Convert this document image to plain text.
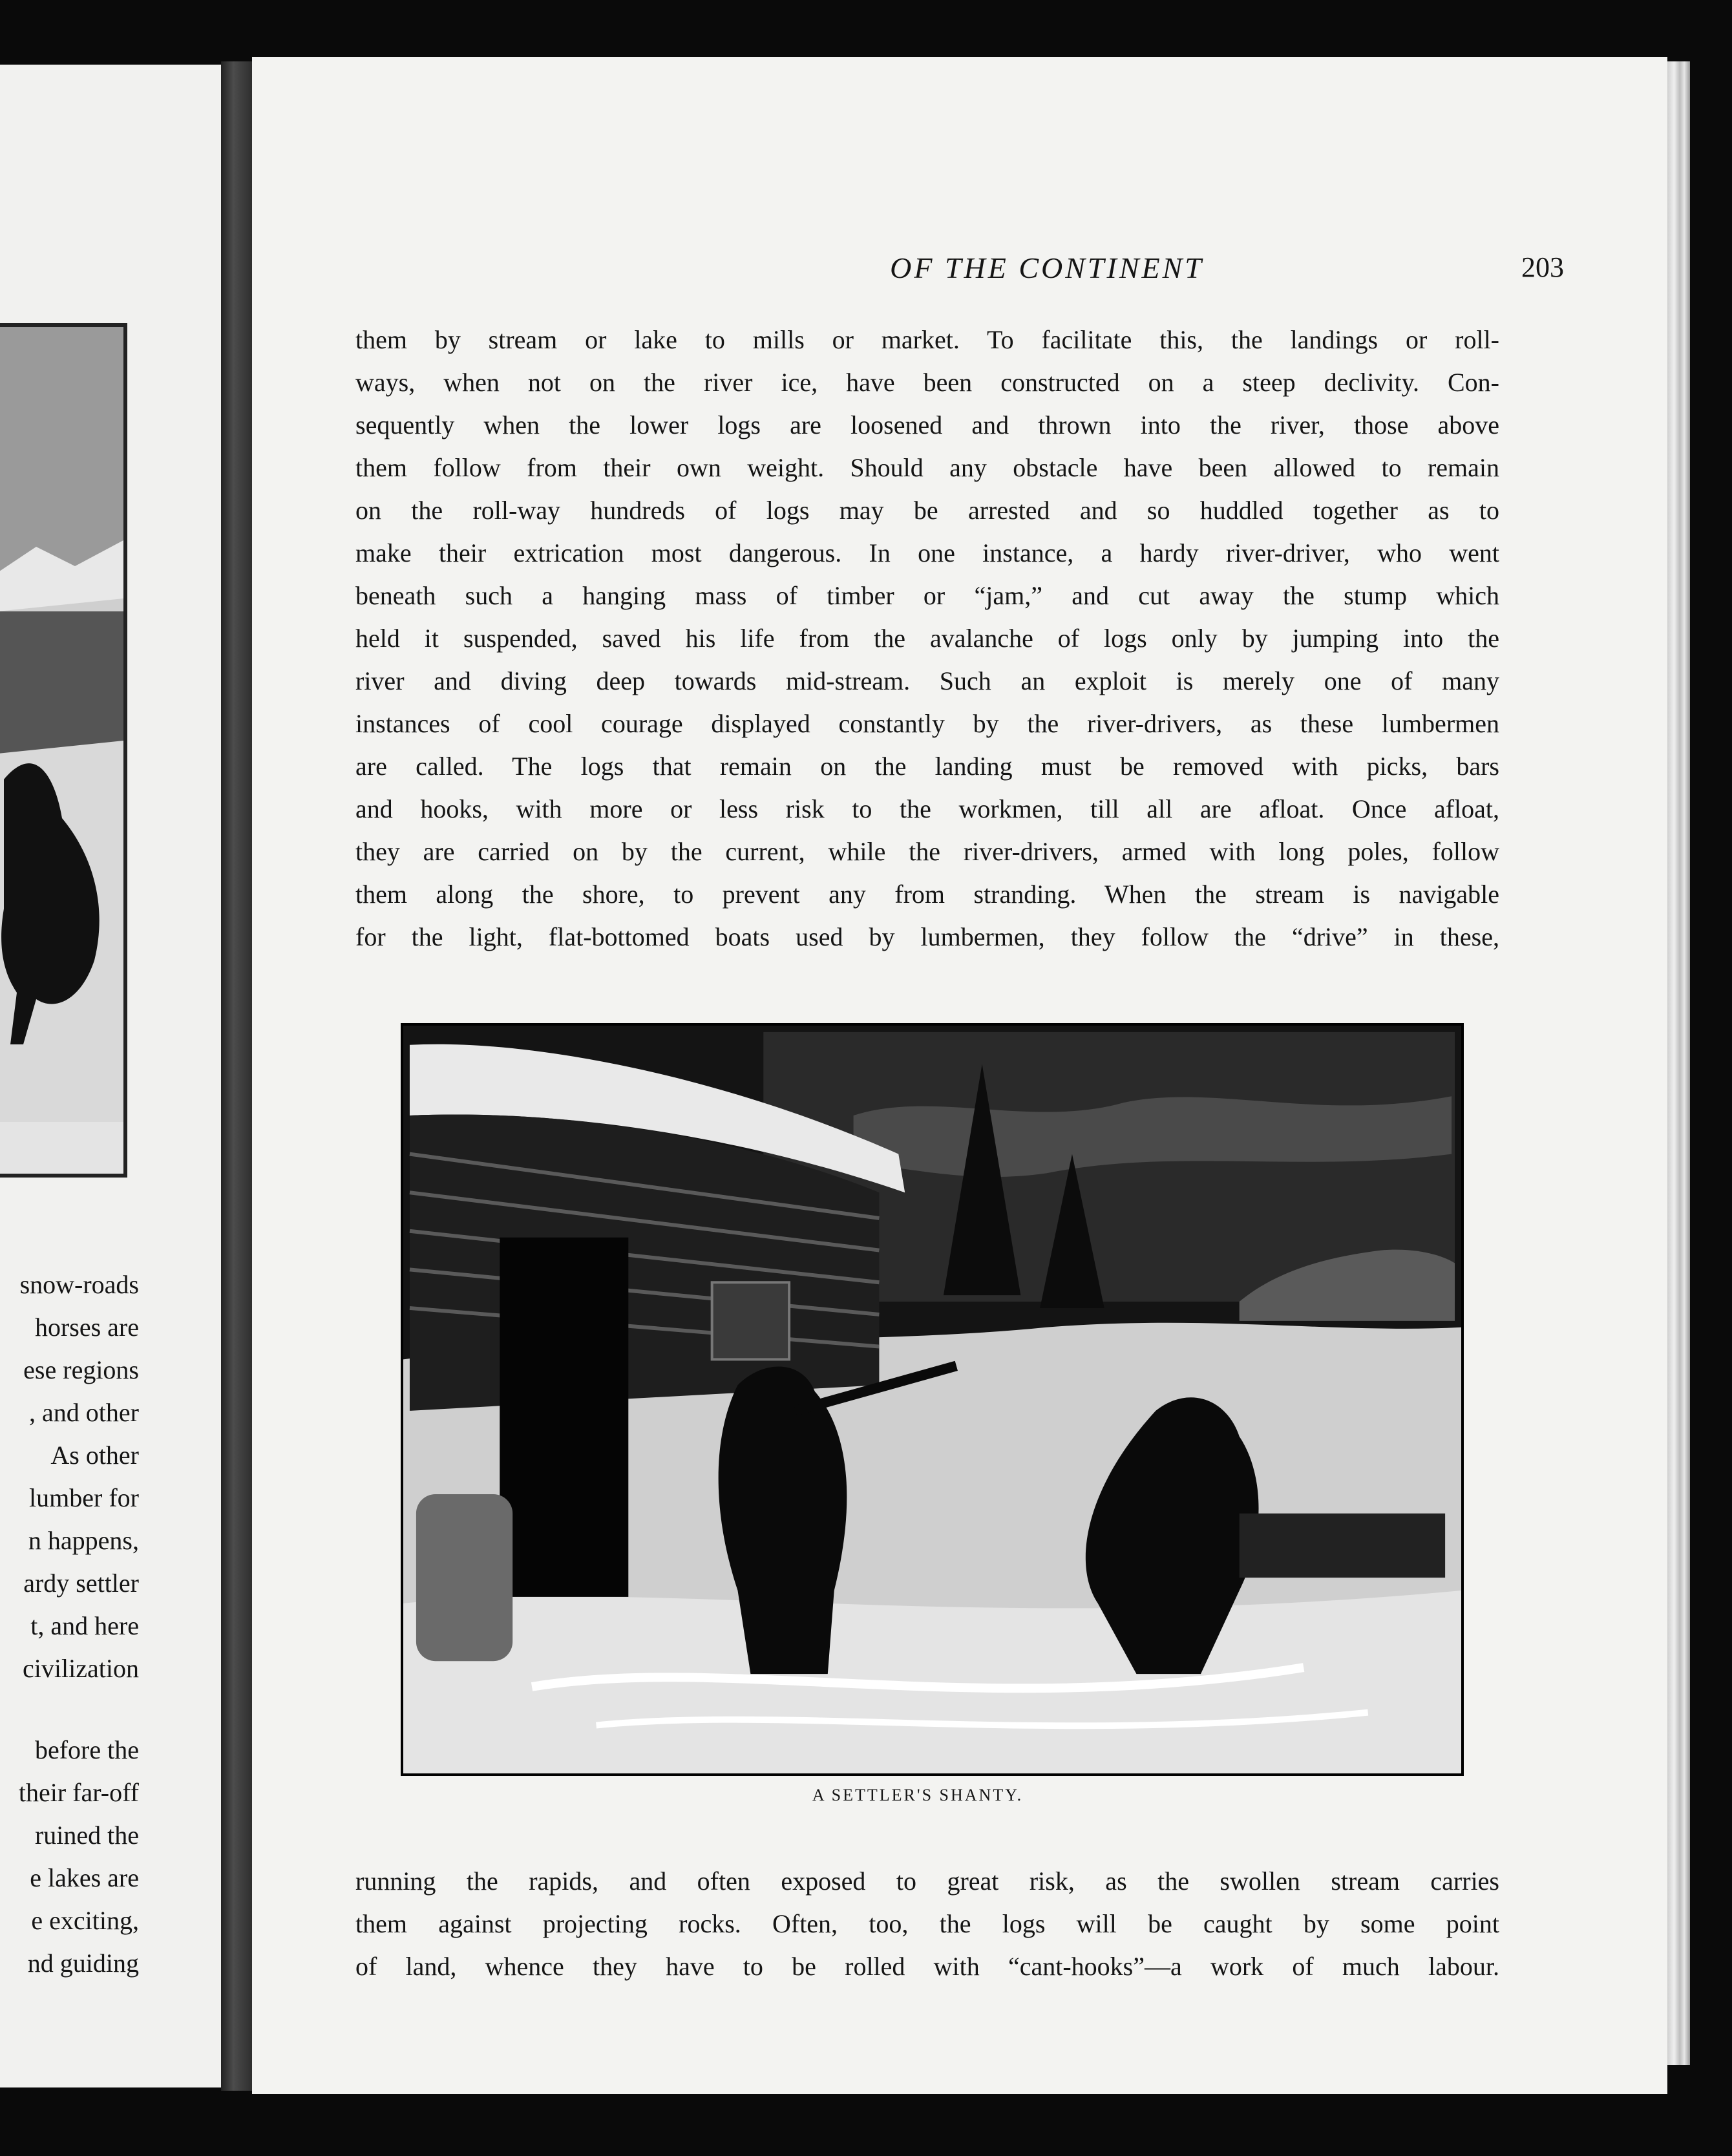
snow-roads
horses are
ese regions
, and other
As other
lumber for
n happens,
ardy settler
t, and here
civilization
before the
their far-off
ruined the
e lakes are
e exciting,
nd guiding
OF THE CONTINENT	203
them by stream or lake to mills or market. To facilitate this, the landings or roll-
ways, when not on the river ice, have been constructed on a steep declivity. Con-
sequently when the lower logs are loosened and thrown into the river, those above
them follow from their own weight. Should any obstacle have been allowed to remain
on the roll-way hundreds of logs may be arrested and so huddled together as to
make their extrication most dangerous. In one instance, a hardy river-driver, who went
beneath such a hanging mass of timber or “jam,” and cut away the stump which
held it suspended, saved his life from the avalanche of logs only by jumping into the
river and diving deep towards mid-stream. Such an exploit is merely one of many
instances of cool courage displayed constantly by the river-drivers, as these lumbermen
are called. The logs that remain on the landing must be removed with picks, bars
and hooks, with more or less risk to the workmen, till all are afloat. Once afloat,
they are carried on by the current, while the river-drivers, armed with long poles, follow
them along the shore, to prevent any from stranding. When the stream is navigable
for the light, flat-bottomed boats used by lumbermen, they follow the “drive” in these,
A SETTLER'S SHANTY.
running the rapids, and often exposed to great risk, as the swollen stream carries
them against projecting rocks. Often, too, the logs will be caught by some point
of land, whence they have to be rolled with “cant-hooks”—a work of much labour.
